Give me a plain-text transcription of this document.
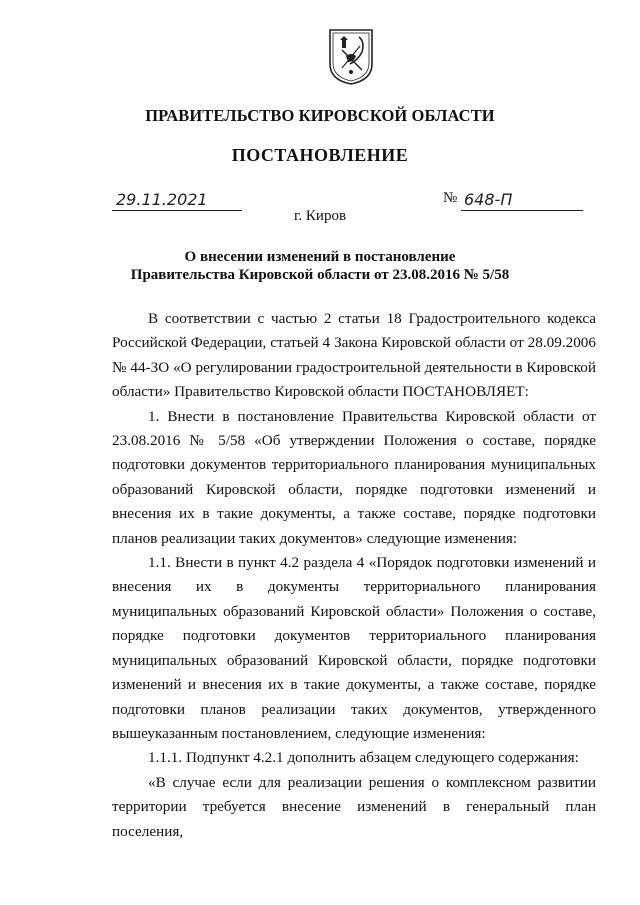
ПРАВИТЕЛЬСТВО КИРОВСКОЙ ОБЛАСТИ
ПОСТАНОВЛЕНИЕ
29.11.2021	№ 648-П
г. Киров
О внесении изменений в постановление
Правительства Кировской области от 23.08.2016 № 5/58

В соответствии с частью 2 статьи 18 Градостроительного кодекса Российской Федерации, статьей 4 Закона Кировской области от 28.09.2006 № 44-ЗО «О регулировании градостроительной деятельности в Кировской области» Правительство Кировской области ПОСТАНОВЛЯЕТ:

1. Внести в постановление Правительства Кировской области от 23.08.2016 № 5/58 «Об утверждении Положения о составе, порядке подготовки документов территориального планирования муниципальных образований Кировской области, порядке подготовки изменений и внесения их в такие документы, а также составе, порядке подготовки планов реализации таких документов» следующие изменения:

1.1. Внести в пункт 4.2 раздела 4 «Порядок подготовки изменений и внесения их в документы территориального планирования муниципальных образований Кировской области» Положения о составе, порядке подготовки документов территориального планирования муниципальных образований Кировской области, порядке подготовки изменений и внесения их в такие документы, а также составе, порядке подготовки планов реализации таких документов, утвержденного вышеуказанным постановлением, следующие изменения:

1.1.1. Подпункт 4.2.1 дополнить абзацем следующего содержания:

«В случае если для реализации решения о комплексном развитии территории требуется внесение изменений в генеральный план поселения,
